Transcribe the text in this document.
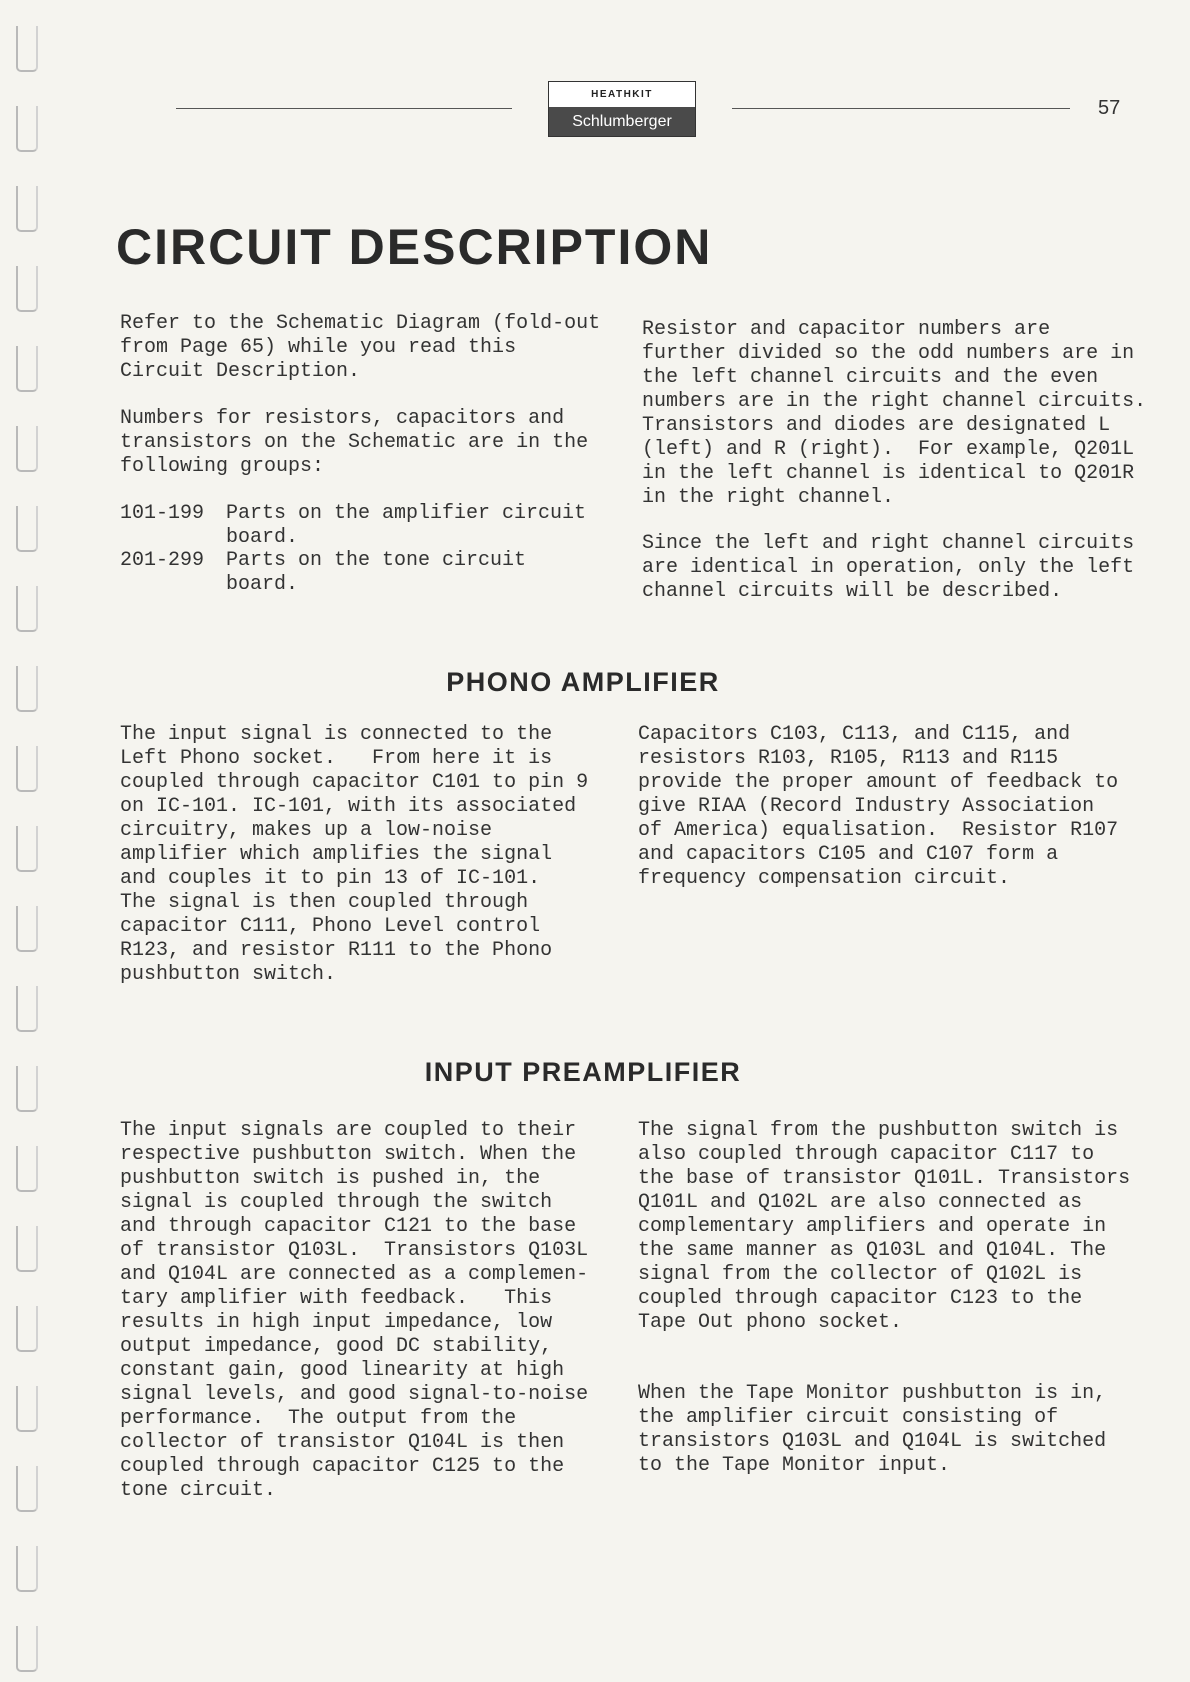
HEATHKIT
Schlumberger
57
CIRCUIT DESCRIPTION

Refer to the Schematic Diagram (fold-out
from Page 65) while you read this
Circuit Description.

Numbers for resistors, capacitors and
transistors on the Schematic are in the
following groups:

101-199 Parts on the amplifier circuit
board.
201-299 Parts on the tone circuit
board.

Resistor and capacitor numbers are
further divided so the odd numbers are in
the left channel circuits and the even
numbers are in the right channel circuits.
Transistors and diodes are designated L
(left) and R (right).  For example, Q201L
in the left channel is identical to Q201R
in the right channel.

Since the left and right channel circuits
are identical in operation, only the left
channel circuits will be described.

PHONO AMPLIFIER

The input signal is connected to the
Left Phono socket.   From here it is
coupled through capacitor C101 to pin 9
on IC-101. IC-101, with its associated
circuitry, makes up a low-noise
amplifier which amplifies the signal
and couples it to pin 13 of IC-101.
The signal is then coupled through
capacitor C111, Phono Level control
R123, and resistor R111 to the Phono
pushbutton switch.

Capacitors C103, C113, and C115, and
resistors R103, R105, R113 and R115
provide the proper amount of feedback to
give RIAA (Record Industry Association
of America) equalisation.  Resistor R107
and capacitors C105 and C107 form a
frequency compensation circuit.

INPUT PREAMPLIFIER

The input signals are coupled to their
respective pushbutton switch. When the
pushbutton switch is pushed in, the
signal is coupled through the switch
and through capacitor C121 to the base
of transistor Q103L.  Transistors Q103L
and Q104L are connected as a complemen-
tary amplifier with feedback.   This
results in high input impedance, low
output impedance, good DC stability,
constant gain, good linearity at high
signal levels, and good signal-to-noise
performance.  The output from the
collector of transistor Q104L is then
coupled through capacitor C125 to the
tone circuit.

The signal from the pushbutton switch is
also coupled through capacitor C117 to
the base of transistor Q101L. Transistors
Q101L and Q102L are also connected as
complementary amplifiers and operate in
the same manner as Q103L and Q104L. The
signal from the collector of Q102L is
coupled through capacitor C123 to the
Tape Out phono socket.

When the Tape Monitor pushbutton is in,
the amplifier circuit consisting of
transistors Q103L and Q104L is switched
to the Tape Monitor input.
